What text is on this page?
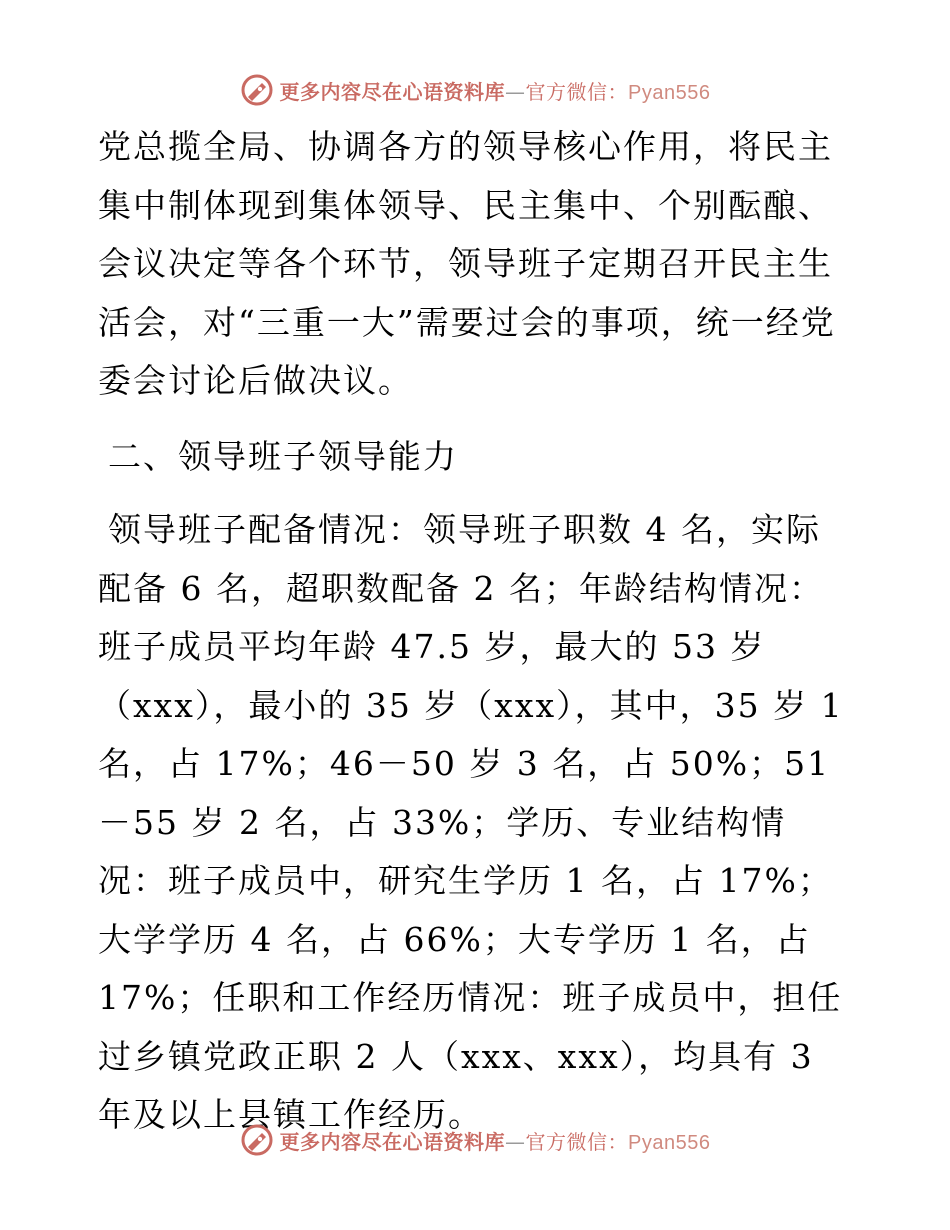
更多内容尽在心语资料库—官方微信：Pyan556

党总揽全局、协调各方的领导核心作用，将民主集中制体现到集体领导、民主集中、个别酝酿、会议决定等各个环节，领导班子定期召开民主生活会，对“三重一大”需要过会的事项，统一经党委会讨论后做决议。

二、领导班子领导能力

领导班子配备情况：领导班子职数 4 名，实际配备 6 名，超职数配备 2 名；年龄结构情况：班子成员平均年龄 47.5 岁，最大的 53 岁（xxx），最小的 35 岁（xxx），其中，35 岁 1 名，占 17%；46－50 岁 3 名，占 50%；51－55 岁 2 名，占 33%；学历、专业结构情况：班子成员中，研究生学历 1 名，占 17%；大学学历 4 名，占 66%；大专学历 1 名，占 17%；任职和工作经历情况：班子成员中，担任过乡镇党政正职 2 人（xxx、xxx），均具有 3 年及以上县镇工作经历。

更多内容尽在心语资料库—官方微信：Pyan556
